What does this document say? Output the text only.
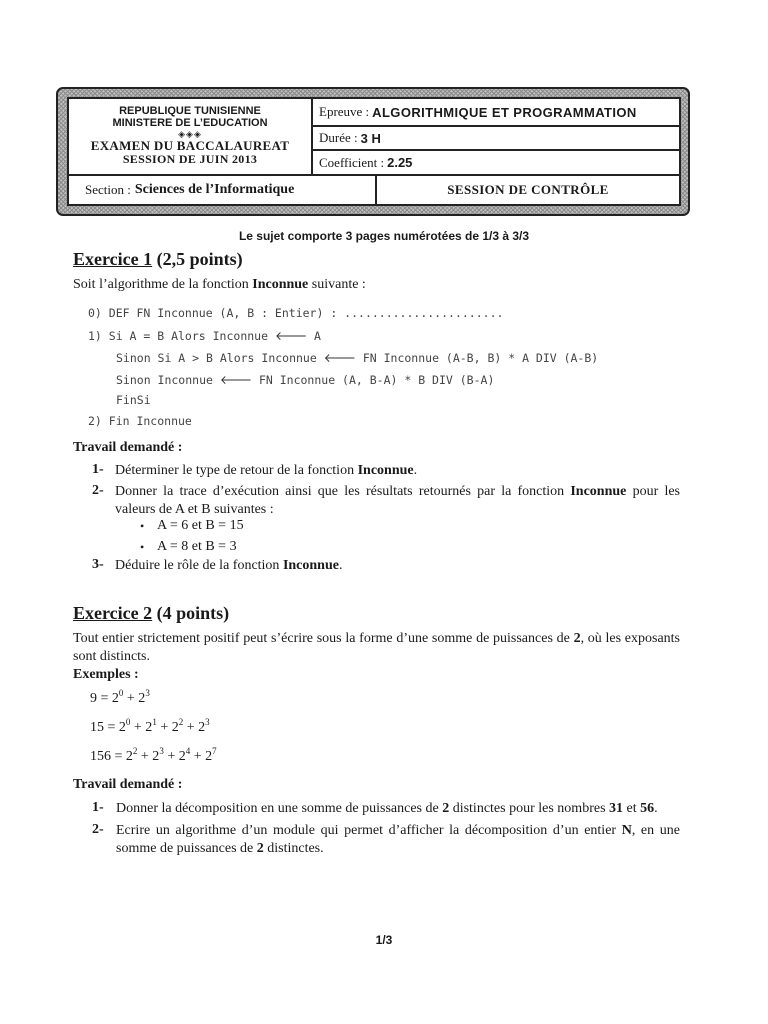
REPUBLIQUE TUNISIENNE
MINISTERE DE L’EDUCATION
◈◈◈
EXAMEN DU BACCALAUREAT
SESSION DE JUIN 2013
Epreuve : ALGORITHMIQUE ET PROGRAMMATION
Durée : 3 H
Coefficient : 2.25
Section : Sciences de l’Informatique	SESSION DE CONTRÔLE
Le sujet comporte 3 pages numérotées de 1/3 à 3/3
Exercice 1 (2,5 points)
Soit l’algorithme de la fonction Inconnue suivante :
0) DEF FN Inconnue (A, B : Entier) : .......................
1) Si A = B Alors Inconnue 🡐 A
Sinon Si A > B Alors Inconnue 🡐 FN Inconnue (A-B, B) * A DIV (A-B)
Sinon Inconnue 🡐 FN Inconnue (A, B-A) * B DIV (B-A)
FinSi
2) Fin Inconnue
Travail demandé :
1- Déterminer le type de retour de la fonction Inconnue.
2- Donner la trace d’exécution ainsi que les résultats retournés par la fonction Inconnue pour les valeurs de A et B suivantes :
• A = 6 et B = 15
• A = 8 et B = 3
3- Déduire le rôle de la fonction Inconnue.
Exercice 2 (4 points)
Tout entier strictement positif peut s’écrire sous la forme d’une somme de puissances de 2, où les exposants sont distincts.
Exemples :
$9 = 2^0 + 2^3$
$15 = 2^0 + 2^1 + 2^2 + 2^3$
$156 = 2^2 + 2^3 + 2^4 + 2^7$
Travail demandé :
1- Donner la décomposition en une somme de puissances de 2 distinctes pour les nombres 31 et 56.
2- Ecrire un algorithme d’un module qui permet d’afficher la décomposition d’un entier N, en une somme de puissances de 2 distinctes.
1/3
